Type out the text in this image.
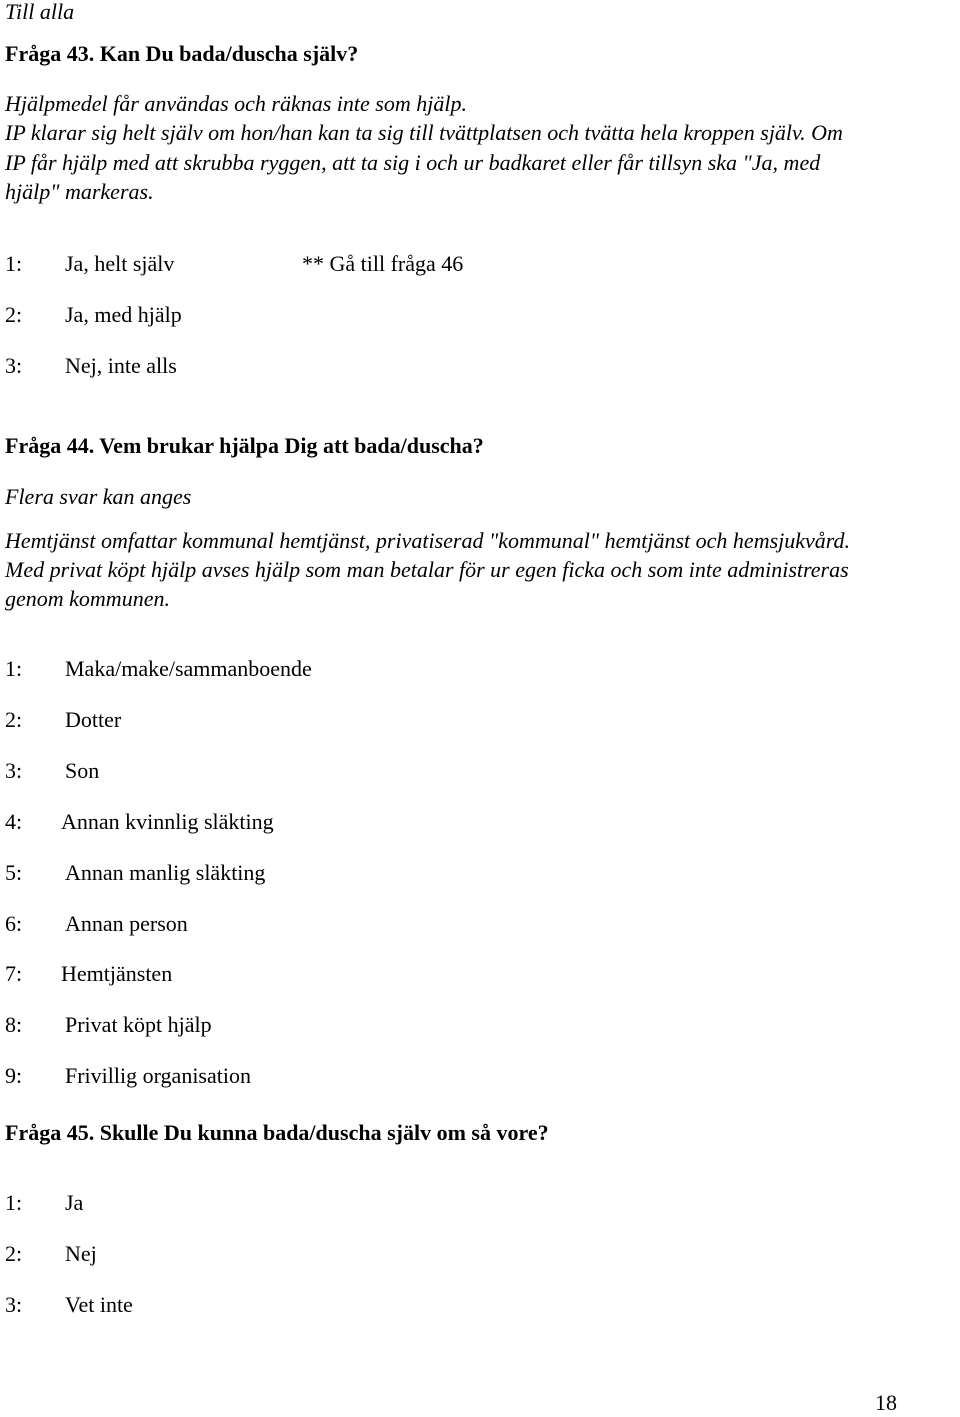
Till alla

Fråga 43. Kan Du bada/duscha själv?

Hjälpmedel får användas och räknas inte som hjälp.

IP klarar sig helt själv om hon/han kan ta sig till tvättplatsen och tvätta hela kroppen själv. Om

IP får hjälp med att skrubba ryggen, att ta sig i och ur badkaret eller får tillsyn ska "Ja, med

hjälp" markeras.

1: Ja, helt själv	** Gå till fråga 46
2: Ja, med hjälp
3: Nej, inte alls

Fråga 44. Vem brukar hjälpa Dig att bada/duscha?

Flera svar kan anges

Hemtjänst omfattar kommunal hemtjänst, privatiserad "kommunal" hemtjänst och hemsjukvård.

Med privat köpt hjälp avses hjälp som man betalar för ur egen ficka och som inte administreras

genom kommunen.

1: Maka/make/sammanboende
2: Dotter
3: Son
4: Annan kvinnlig släkting
5: Annan manlig släkting
6: Annan person
7: Hemtjänsten
8: Privat köpt hjälp
9: Frivillig organisation

Fråga 45. Skulle Du kunna bada/duscha själv om så vore?

1: Ja
2: Nej
3: Vet inte

18
